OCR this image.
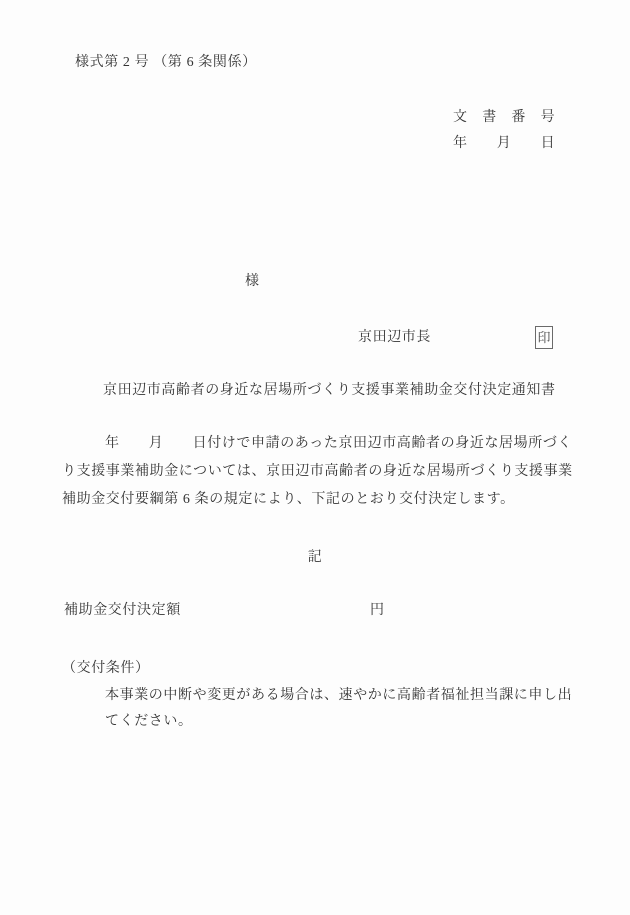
様式第 2 号 （第 6 条関係）
文　書　番　号
年　　月　　日
様
京田辺市長	印
京田辺市高齢者の身近な居場所づくり支援事業補助金交付決定通知書
年　　月　　日付けで申請のあった京田辺市高齢者の身近な居場所づく
り支援事業補助金については、京田辺市高齢者の身近な居場所づくり支援事業
補助金交付要綱第 6 条の規定により、下記のとおり交付決定します。
記
補助金交付決定額	円
（交付条件）
本事業の中断や変更がある場合は、速やかに高齢者福祉担当課に申し出
てください。
